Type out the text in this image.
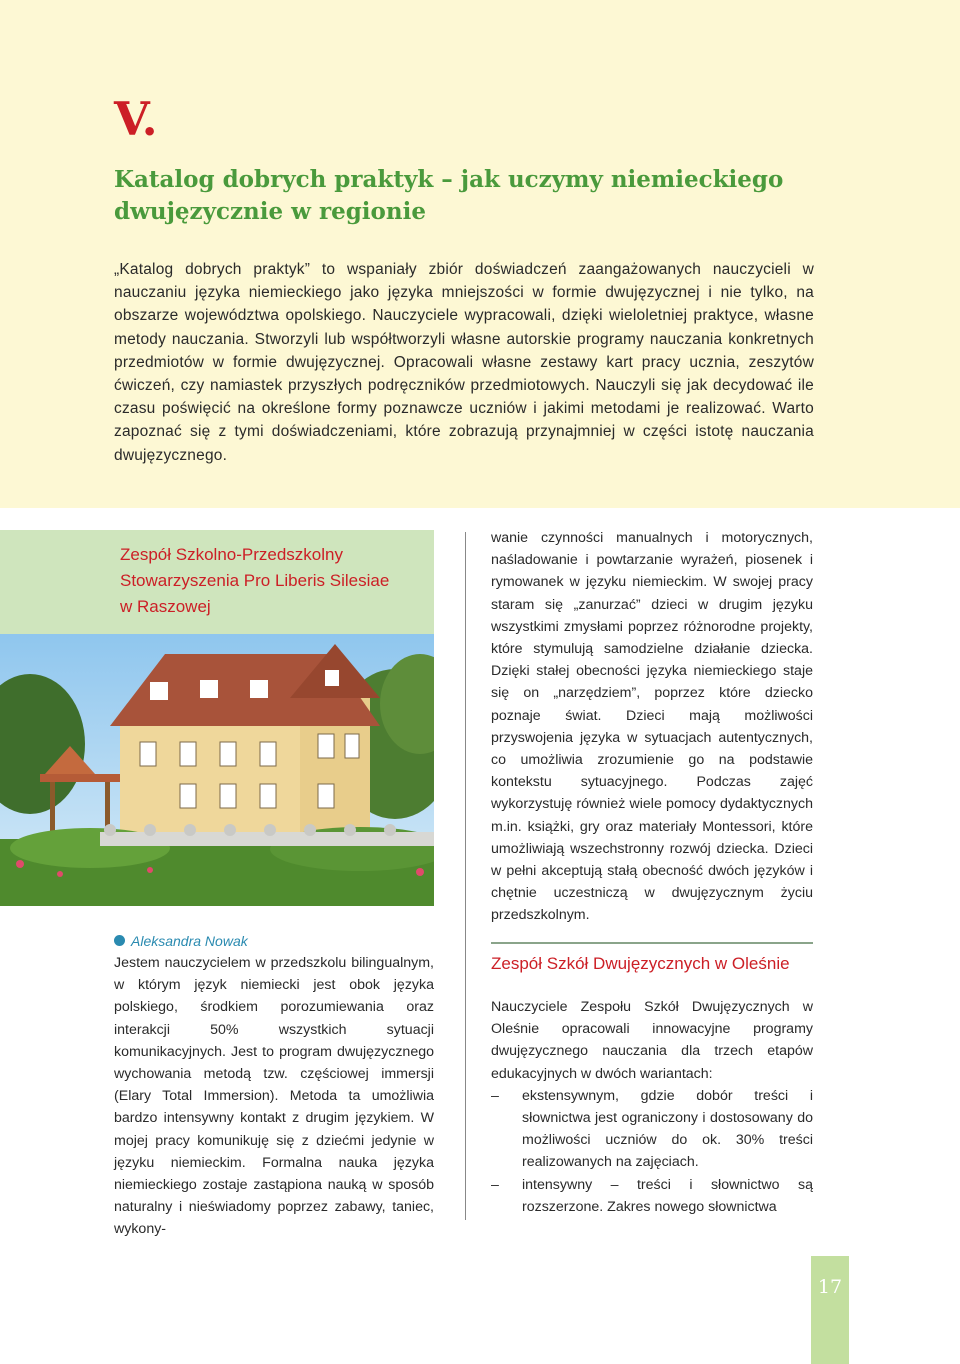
V.
Katalog dobrych praktyk – jak uczymy niemieckiego dwujęzycznie w regionie

„Katalog dobrych praktyk” to wspaniały zbiór doświadczeń zaangażowanych nauczycieli w nauczaniu języka niemieckiego jako języka mniejszości w formie dwujęzycznej i nie tylko, na obszarze województwa opolskiego. Nauczyciele wypracowali, dzięki wieloletniej praktyce, własne metody nauczania. Stworzyli lub współtworzyli własne autorskie programy nauczania konkretnych przedmiotów w formie dwujęzycznej. Opracowali własne zestawy kart pracy ucznia, zeszytów ćwiczeń, czy namiastek przyszłych podręczników przedmiotowych. Nauczyli się jak decydować ile czasu poświęcić na określone formy poznawcze uczniów i jakimi metodami je realizować. Warto zapoznać się z tymi doświadczeniami, które zobrazują przynajmniej w części istotę nauczania dwujęzycznego.

Zespół Szkolno-Przedszkolny
Stowarzyszenia Pro Liberis Silesiae
w Raszowej

Aleksandra Nowak

Jestem nauczycielem w przedszkolu bilingualnym, w którym język niemiecki jest obok języka polskiego, środkiem porozumiewania oraz interakcji 50% wszystkich sytuacji komunikacyjnych. Jest to program dwujęzycznego wychowania metodą tzw. częściowej immersji (Elary Total Immersion). Metoda ta umożliwia bardzo intensywny kontakt z drugim językiem. W mojej pracy komunikuję się z dziećmi jedynie w języku niemieckim. Formalna nauka języka niemieckiego zostaje zastąpiona nauką w sposób naturalny i nieświadomy poprzez zabawy, taniec, wykony-

wanie czynności manualnych i motorycznych, naśladowanie i powtarzanie wyrażeń, piosenek i rymowanek w języku niemieckim. W swojej pracy staram się „zanurzać” dzieci w drugim języku wszystkimi zmysłami poprzez różnorodne projekty, które stymulują samodzielne działanie dziecka. Dzięki stałej obecności języka niemieckiego staje się on „narzędziem”, poprzez które dziecko poznaje świat. Dzieci mają możliwości przyswojenia języka w sytuacjach autentycznych, co umożliwia zrozumienie go na podstawie kontekstu sytuacyjnego. Podczas zajęć wykorzystuję również wiele pomocy dydaktycznych m.in. książki, gry oraz materiały Montessori, które umożliwiają wszechstronny rozwój dziecka. Dzieci w pełni akceptują stałą obecność dwóch języków i chętnie uczestniczą w dwujęzycznym życiu przedszkolnym.

Zespół Szkół Dwujęzycznych w Oleśnie

Nauczyciele Zespołu Szkół Dwujęzycznych w Oleśnie opracowali innowacyjne programy dwujęzycznego nauczania dla trzech etapów edukacyjnych w dwóch wariantach:

– ekstensywnym, gdzie dobór treści i słownictwa jest ograniczony i dostosowany do możliwości uczniów do ok. 30% treści realizowanych na zajęciach.
– intensywny – treści i słownictwo są rozszerzone. Zakres nowego słownictwa
17
